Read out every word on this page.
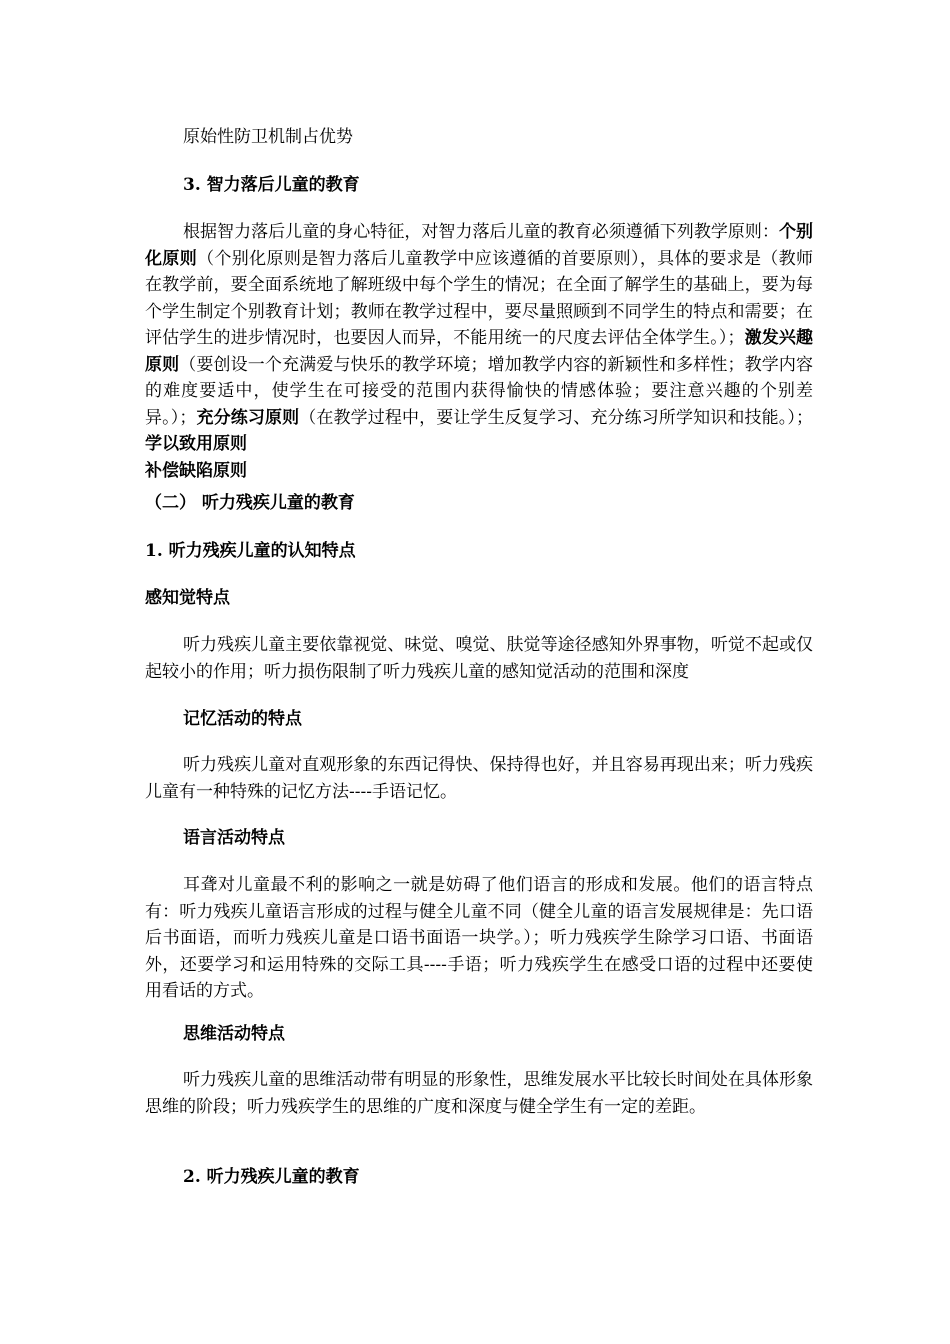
原始性防卫机制占优势

3. 智力落后儿童的教育

根据智力落后儿童的身心特征，对智力落后儿童的教育必须遵循下列教学原则：个别化原则（个别化原则是智力落后儿童教学中应该遵循的首要原则），具体的要求是（教师在教学前，要全面系统地了解班级中每个学生的情况；在全面了解学生的基础上，要为每个学生制定个别教育计划；教师在教学过程中，要尽量照顾到不同学生的特点和需要；在评估学生的进步情况时，也要因人而异，不能用统一的尺度去评估全体学生。）；激发兴趣原则（要创设一个充满爱与快乐的教学环境；增加教学内容的新颖性和多样性；教学内容的难度要适中，使学生在可接受的范围内获得愉快的情感体验；要注意兴趣的个别差异。）；充分练习原则（在教学过程中，要让学生反复学习、充分练习所学知识和技能。）；学以致用原则
补偿缺陷原则

（二） 听力残疾儿童的教育

1. 听力残疾儿童的认知特点

感知觉特点

听力残疾儿童主要依靠视觉、味觉、嗅觉、肤觉等途径感知外界事物，听觉不起或仅起较小的作用；听力损伤限制了听力残疾儿童的感知觉活动的范围和深度

记忆活动的特点

听力残疾儿童对直观形象的东西记得快、保持得也好，并且容易再现出来；听力残疾儿童有一种特殊的记忆方法----手语记忆。

语言活动特点

耳聋对儿童最不利的影响之一就是妨碍了他们语言的形成和发展。他们的语言特点有：听力残疾儿童语言形成的过程与健全儿童不同（健全儿童的语言发展规律是：先口语后书面语，而听力残疾儿童是口语书面语一块学。）；听力残疾学生除学习口语、书面语外，还要学习和运用特殊的交际工具----手语；听力残疾学生在感受口语的过程中还要使用看话的方式。

思维活动特点

听力残疾儿童的思维活动带有明显的形象性，思维发展水平比较长时间处在具体形象思维的阶段；听力残疾学生的思维的广度和深度与健全学生有一定的差距。

2. 听力残疾儿童的教育
